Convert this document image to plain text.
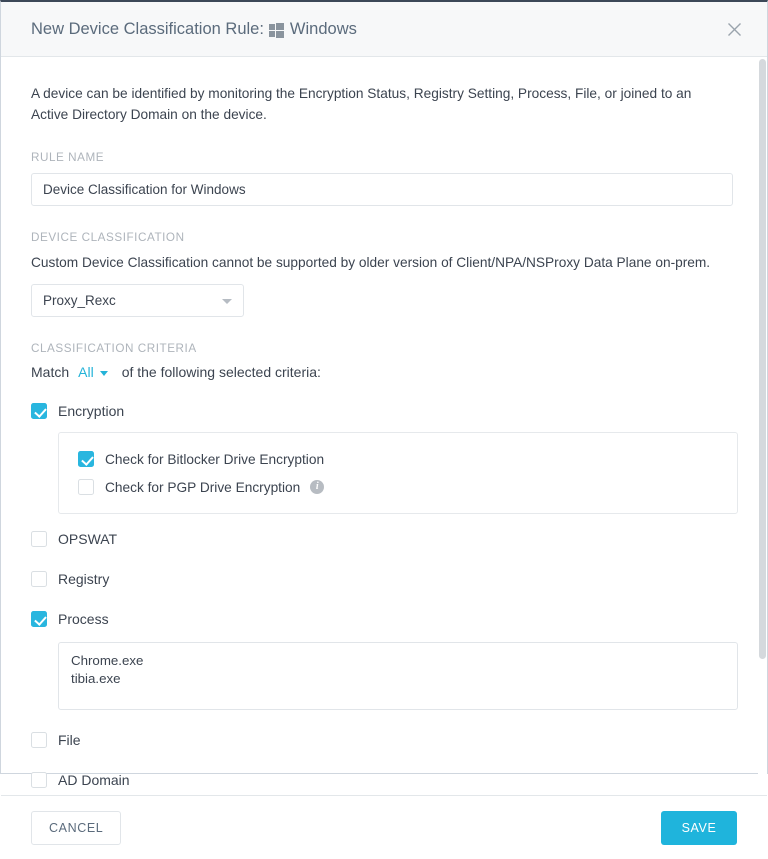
New Device Classification Rule: Windows

A device can be identified by monitoring the Encryption Status, Registry Setting, Process, File, or joined to an Active Directory Domain on the device.

RULE NAME
Device Classification for Windows
DEVICE CLASSIFICATION

Custom Device Classification cannot be supported by older version of Client/NPA/NSProxy Data Plane on-prem.

Proxy_Rexc
CLASSIFICATION CRITERIA
Match All of the following selected criteria:
Encryption
Check for Bitlocker Drive Encryption
Check for PGP Drive Encryption	i
OPSWAT
Registry
Process
Chrome.exe tibia.exe
File
AD Domain
CANCEL	SAVE
